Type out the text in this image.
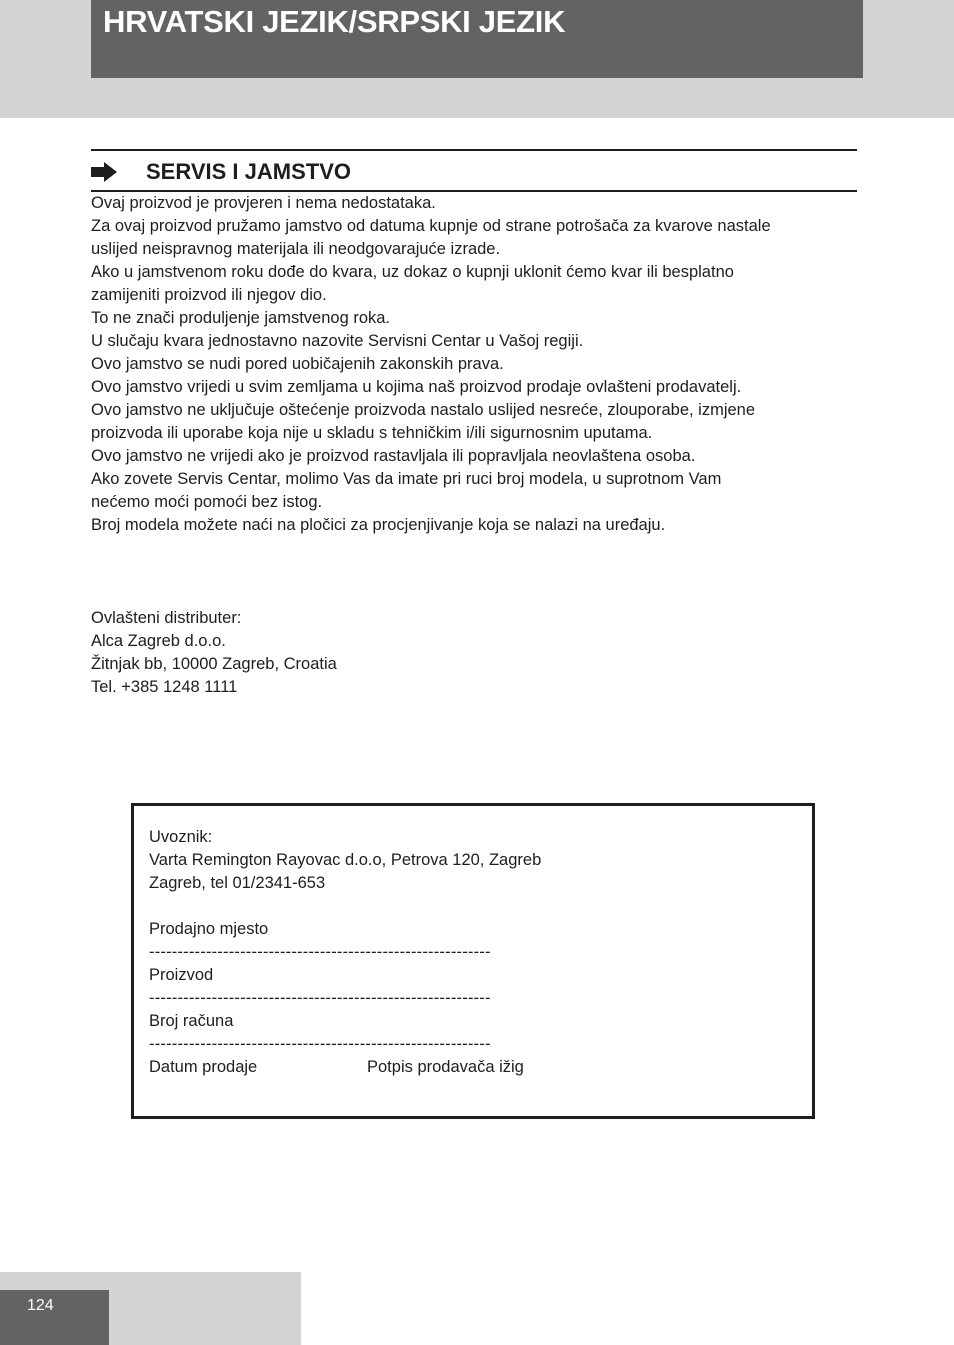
HRVATSKI JEZIK/SRPSKI JEZIK
SERVIS I JAMSTVO

Ovaj proizvod je provjeren i nema nedostataka.

Za ovaj proizvod pružamo jamstvo od datuma kupnje od strane potrošača za kvarove nastale

uslijed neispravnog materijala ili neodgovarajuće izrade.

Ako u jamstvenom roku dođe do kvara, uz dokaz o kupnji uklonit ćemo kvar ili besplatno

zamijeniti proizvod ili njegov dio.

To ne znači produljenje jamstvenog roka.

U slučaju kvara jednostavno nazovite Servisni Centar u Vašoj regiji.

Ovo jamstvo se nudi pored uobičajenih zakonskih prava.

Ovo jamstvo vrijedi u svim zemljama u kojima naš proizvod prodaje ovlašteni prodavatelj.

Ovo jamstvo ne uključuje oštećenje proizvoda nastalo uslijed nesreće, zlouporabe, izmjene

proizvoda ili uporabe koja nije u skladu s tehničkim i/ili sigurnosnim uputama.

Ovo jamstvo ne vrijedi ako je proizvod rastavljala ili popravljala neovlaštena osoba.

Ako zovete Servis Centar, molimo Vas da imate pri ruci broj modela, u suprotnom Vam

nećemo moći pomoći bez istog.

Broj modela možete naći na pločici za procjenjivanje koja se nalazi na uređaju.

Ovlašteni distributer:

Alca Zagreb d.o.o.

Žitnjak bb, 10000 Zagreb, Croatia

Tel. +385 1248 1111

Uvoznik:

Varta Remington Rayovac d.o.o, Petrova 120, Zagreb

Zagreb, tel 01/2341-653

Prodajno mjesto

------------------------------------------------------------

Proizvod

------------------------------------------------------------

Broj računa

------------------------------------------------------------

Datum prodaje	Potpis prodavača ižig

124
